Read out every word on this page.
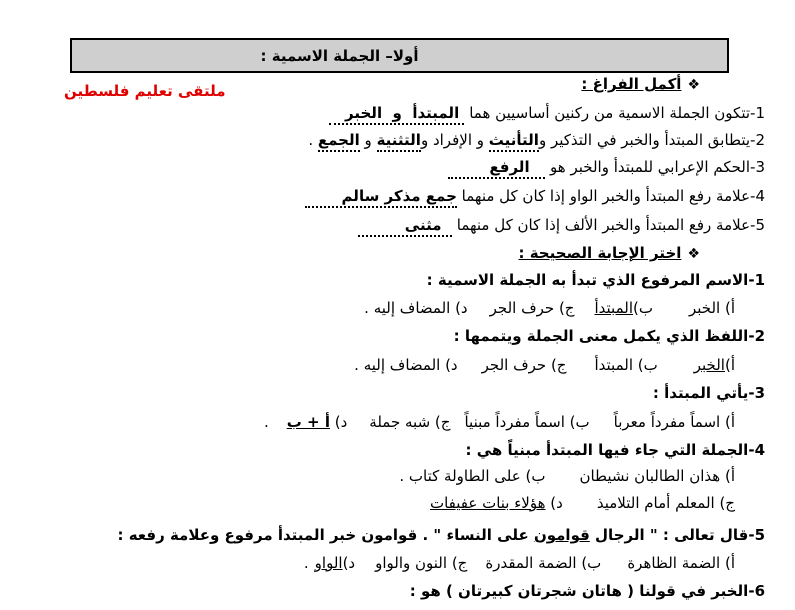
أولا– الجملة الاسمية :
ملتقى تعليم فلسطين	❖أكمل الفراغ :
1-تتكون الجملة الاسمية من ركنين أساسيين هما  المبتدأ  و  الخبر
2-يتطابق المبتدأ والخبر في التذكير والتأنيث و الإفراد والتثنية و الجمع .
3-الحكم الإعرابي للمبتدأ والخبر هو    الرفع
4-علامة رفع المبتدأ والخبر الواو إذا كان كل منهما جمع مذكر سالم
5-علامة رفع المبتدأ والخبر الألف إذا كان كل منهما   مثنى
❖اختر الإجابة الصحيحة :
1-الاسم المرفوع الذي تبدأ به الجملة الاسمية :
أ) الخبرب)المبتدأج) حرف الجرد) المضاف إليه .
2-اللفظ الذي يكمل معنى الجملة ويتممها :
أ)الخبرب) المبتدأج) حرف الجرد) المضاف إليه .
3-يأتي المبتدأ :
أ) اسماً مفرداً معرباًب) اسماً مفرداً مبنياًج) شبه جملةد) أ + ب.
4-الجملة التي جاء فيها المبتدأ مبنياً هي :
أ) هذان الطالبان نشيطانب) على الطاولة كتاب .
ج) المعلم أمام التلاميذد) هؤلاء بنات عفيفات
5-قال تعالى : " الرجال قوامون على النساء " . قوامون خبر المبتدأ مرفوع وعلامة رفعه :
أ) الضمة الظاهرةب) الضمة المقدرةج) النون والواود)الواو.
6-الخبر في قولنا ( هاتان شجرتان كبيرتان ) هو :
